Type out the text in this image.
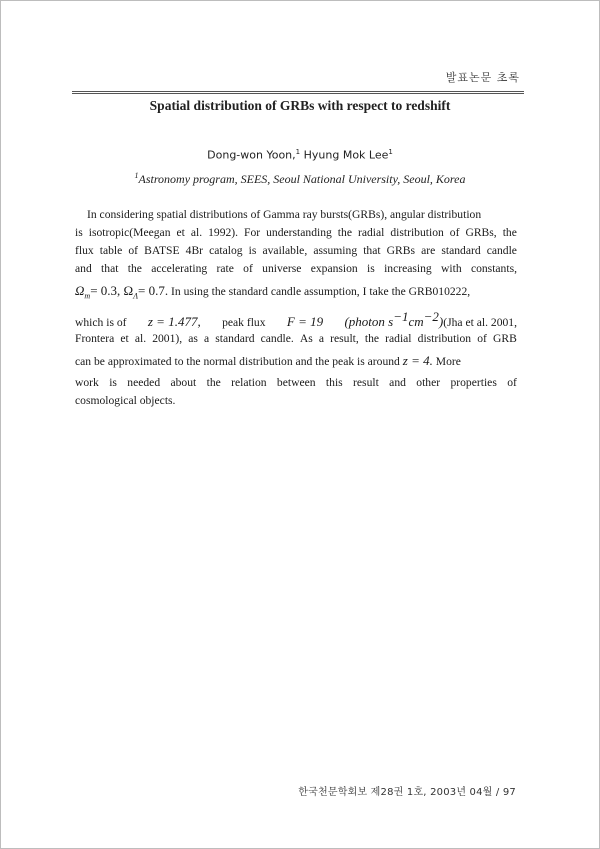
발표논문 초록
Spatial distribution of GRBs with respect to redshift
Dong-won Yoon,$^1$ Hyung Mok Lee$^1$
$^1$Astronomy program, SEES, Seoul National University, Seoul, Korea
In considering spatial distributions of Gamma ray bursts(GRBs), angular distribution
is isotropic(Meegan et al. 1992). For understanding the radial distribution of GRBs, the
flux table of BATSE 4Br catalog is available, assuming that GRBs are standard candle
and that the accelerating rate of universe expansion is increasing with constants,
$\Omega_m= 0.3$, $\Omega_\Lambda= 0.7$. In using the standard candle assumption, I take the GRB010222,
which is of z = 1.477, peak flux F = 19 (photon $s^{-1}cm^{-2})(Jha$ et al. 2001,
Frontera et al. 2001), as a standard candle. As a result, the radial distribution of GRB
can be approximated to the normal distribution and the peak is around z = 4. More
work is needed about the relation between this result and other properties of
cosmological objects.
한국천문학회보 제28권 1호, 2003년 04월 / 97
